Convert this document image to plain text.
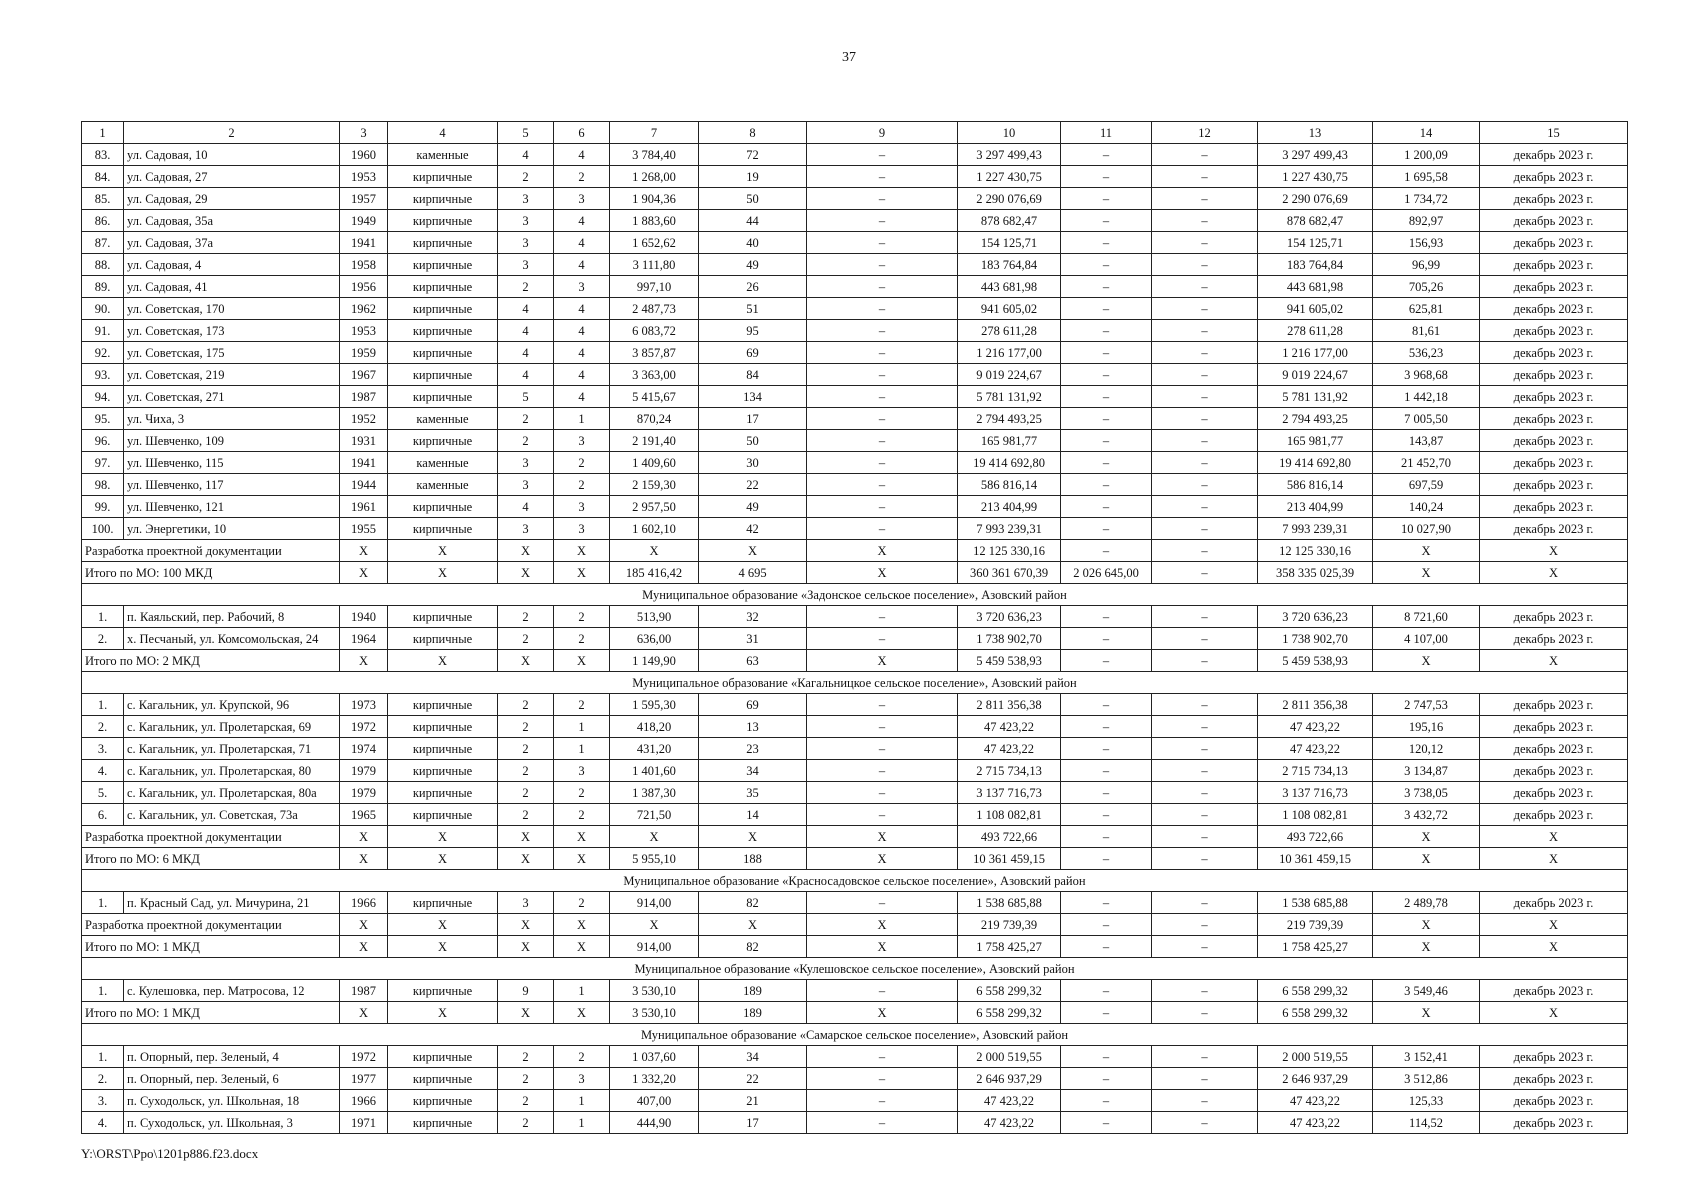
37
1	2	3	4	5	6	7	8	9	10	11	12	13	14	15
83.	ул. Садовая, 10	1960	каменные	4	4	3 784,40	72	–	3 297 499,43	–	–	3 297 499,43	1 200,09	декабрь 2023 г.
84.	ул. Садовая, 27	1953	кирпичные	2	2	1 268,00	19	–	1 227 430,75	–	–	1 227 430,75	1 695,58	декабрь 2023 г.
85.	ул. Садовая, 29	1957	кирпичные	3	3	1 904,36	50	–	2 290 076,69	–	–	2 290 076,69	1 734,72	декабрь 2023 г.
86.	ул. Садовая, 35а	1949	кирпичные	3	4	1 883,60	44	–	878 682,47	–	–	878 682,47	892,97	декабрь 2023 г.
87.	ул. Садовая, 37а	1941	кирпичные	3	4	1 652,62	40	–	154 125,71	–	–	154 125,71	156,93	декабрь 2023 г.
88.	ул. Садовая, 4	1958	кирпичные	3	4	3 111,80	49	–	183 764,84	–	–	183 764,84	96,99	декабрь 2023 г.
89.	ул. Садовая, 41	1956	кирпичные	2	3	997,10	26	–	443 681,98	–	–	443 681,98	705,26	декабрь 2023 г.
90.	ул. Советская, 170	1962	кирпичные	4	4	2 487,73	51	–	941 605,02	–	–	941 605,02	625,81	декабрь 2023 г.
91.	ул. Советская, 173	1953	кирпичные	4	4	6 083,72	95	–	278 611,28	–	–	278 611,28	81,61	декабрь 2023 г.
92.	ул. Советская, 175	1959	кирпичные	4	4	3 857,87	69	–	1 216 177,00	–	–	1 216 177,00	536,23	декабрь 2023 г.
93.	ул. Советская, 219	1967	кирпичные	4	4	3 363,00	84	–	9 019 224,67	–	–	9 019 224,67	3 968,68	декабрь 2023 г.
94.	ул. Советская, 271	1987	кирпичные	5	4	5 415,67	134	–	5 781 131,92	–	–	5 781 131,92	1 442,18	декабрь 2023 г.
95.	ул. Чиха, 3	1952	каменные	2	1	870,24	17	–	2 794 493,25	–	–	2 794 493,25	7 005,50	декабрь 2023 г.
96.	ул. Шевченко, 109	1931	кирпичные	2	3	2 191,40	50	–	165 981,77	–	–	165 981,77	143,87	декабрь 2023 г.
97.	ул. Шевченко, 115	1941	каменные	3	2	1 409,60	30	–	19 414 692,80	–	–	19 414 692,80	21 452,70	декабрь 2023 г.
98.	ул. Шевченко, 117	1944	каменные	3	2	2 159,30	22	–	586 816,14	–	–	586 816,14	697,59	декабрь 2023 г.
99.	ул. Шевченко, 121	1961	кирпичные	4	3	2 957,50	49	–	213 404,99	–	–	213 404,99	140,24	декабрь 2023 г.
100.	ул. Энергетики, 10	1955	кирпичные	3	3	1 602,10	42	–	7 993 239,31	–	–	7 993 239,31	10 027,90	декабрь 2023 г.
Разработка проектной документации		X	X	X	X	X	X	X	12 125 330,16	–	–	12 125 330,16	X	X
Итого по МО: 100 МКД		X	X	X	X	185 416,42	4 695	X	360 361 670,39	2 026 645,00	–	358 335 025,39	X	X
Муниципальное образование «Задонское сельское поселение», Азовский район														
1.	п. Каяльский, пер. Рабочий, 8	1940	кирпичные	2	2	513,90	32	–	3 720 636,23	–	–	3 720 636,23	8 721,60	декабрь 2023 г.
2.	х. Песчаный, ул. Комсомольская, 24	1964	кирпичные	2	2	636,00	31	–	1 738 902,70	–	–	1 738 902,70	4 107,00	декабрь 2023 г.
Итого по МО: 2 МКД		X	X	X	X	1 149,90	63	X	5 459 538,93	–	–	5 459 538,93	X	X
Муниципальное образование «Кагальницкое сельское поселение», Азовский район														
1.	с. Кагальник, ул. Крупской, 96	1973	кирпичные	2	2	1 595,30	69	–	2 811 356,38	–	–	2 811 356,38	2 747,53	декабрь 2023 г.
2.	с. Кагальник, ул. Пролетарская, 69	1972	кирпичные	2	1	418,20	13	–	47 423,22	–	–	47 423,22	195,16	декабрь 2023 г.
3.	с. Кагальник, ул. Пролетарская, 71	1974	кирпичные	2	1	431,20	23	–	47 423,22	–	–	47 423,22	120,12	декабрь 2023 г.
4.	с. Кагальник, ул. Пролетарская, 80	1979	кирпичные	2	3	1 401,60	34	–	2 715 734,13	–	–	2 715 734,13	3 134,87	декабрь 2023 г.
5.	с. Кагальник, ул. Пролетарская, 80а	1979	кирпичные	2	2	1 387,30	35	–	3 137 716,73	–	–	3 137 716,73	3 738,05	декабрь 2023 г.
6.	с. Кагальник, ул. Советская, 73а	1965	кирпичные	2	2	721,50	14	–	1 108 082,81	–	–	1 108 082,81	3 432,72	декабрь 2023 г.
Разработка проектной документации		X	X	X	X	X	X	X	493 722,66	–	–	493 722,66	X	X
Итого по МО: 6 МКД		X	X	X	X	5 955,10	188	X	10 361 459,15	–	–	10 361 459,15	X	X
Муниципальное образование «Красносадовское сельское поселение», Азовский район														
1.	п. Красный Сад, ул. Мичурина, 21	1966	кирпичные	3	2	914,00	82	–	1 538 685,88	–	–	1 538 685,88	2 489,78	декабрь 2023 г.
Разработка проектной документации		X	X	X	X	X	X	X	219 739,39	–	–	219 739,39	X	X
Итого по МО: 1 МКД		X	X	X	X	914,00	82	X	1 758 425,27	–	–	1 758 425,27	X	X
Муниципальное образование «Кулешовское сельское поселение», Азовский район														
1.	с. Кулешовка, пер. Матросова, 12	1987	кирпичные	9	1	3 530,10	189	–	6 558 299,32	–	–	6 558 299,32	3 549,46	декабрь 2023 г.
Итого по МО: 1 МКД		X	X	X	X	3 530,10	189	X	6 558 299,32	–	–	6 558 299,32	X	X
Муниципальное образование «Самарское сельское поселение», Азовский район														
1.	п. Опорный, пер. Зеленый, 4	1972	кирпичные	2	2	1 037,60	34	–	2 000 519,55	–	–	2 000 519,55	3 152,41	декабрь 2023 г.
2.	п. Опорный, пер. Зеленый, 6	1977	кирпичные	2	3	1 332,20	22	–	2 646 937,29	–	–	2 646 937,29	3 512,86	декабрь 2023 г.
3.	п. Суходольск, ул. Школьная, 18	1966	кирпичные	2	1	407,00	21	–	47 423,22	–	–	47 423,22	125,33	декабрь 2023 г.
4.	п. Суходольск, ул. Школьная, 3	1971	кирпичные	2	1	444,90	17	–	47 423,22	–	–	47 423,22	114,52	декабрь 2023 г.
Y:\ORST\Ppo\1201p886.f23.docx
